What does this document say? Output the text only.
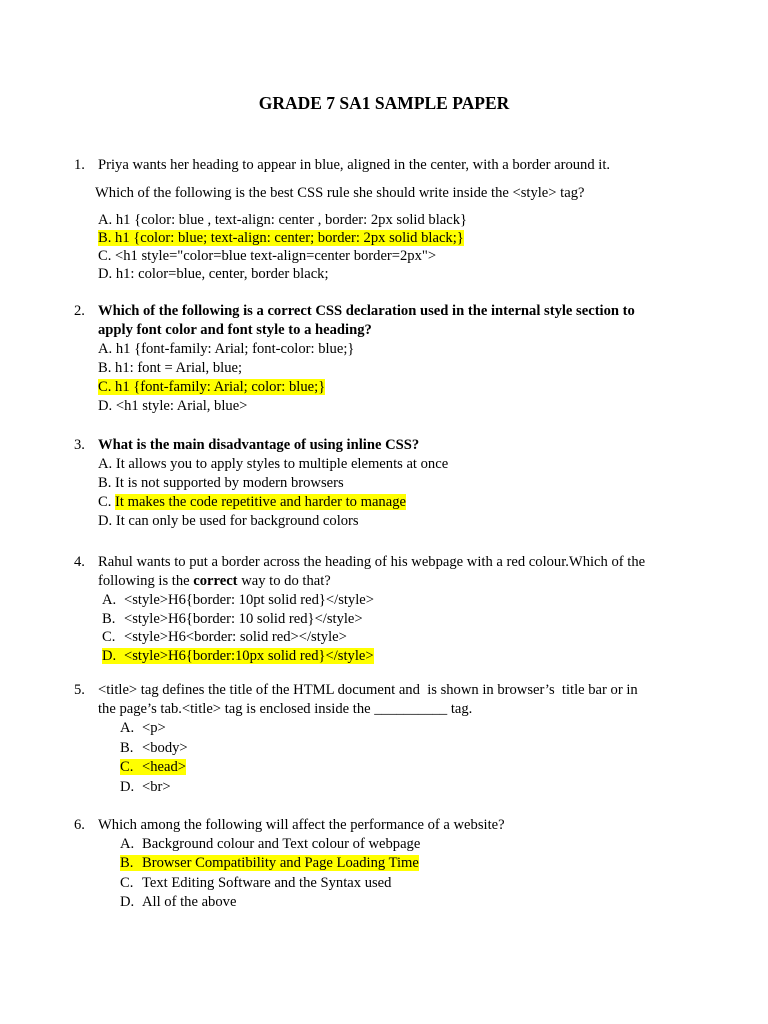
GRADE 7 SA1 SAMPLE PAPER
1. Priya wants her heading to appear in blue, aligned in the center, with a border around it.
Which of the following is the best CSS rule she should write inside the <style> tag?
A. h1 {color: blue , text-align: center , border: 2px solid black}
B. h1 {color: blue; text-align: center; border: 2px solid black;}
C. <h1 style="color=blue text-align=center border=2px">
D. h1: color=blue, center, border black;
2. Which of the following is a correct CSS declaration used in the internal style section to
apply font color and font style to a heading?
A. h1 {font-family: Arial; font-color: blue;}
B. h1: font = Arial, blue;
C. h1 {font-family: Arial; color: blue;}
D. <h1 style: Arial, blue>
3. What is the main disadvantage of using inline CSS?
A. It allows you to apply styles to multiple elements at once
B. It is not supported by modern browsers
C. It makes the code repetitive and harder to manage
D. It can only be used for background colors
4. Rahul wants to put a border across the heading of his webpage with a red colour.Which of the
following is the correct way to do that?
A. <style>H6{border: 10pt solid red}</style>
B. <style>H6{border: 10 solid red}</style>
C. <style>H6<border: solid red></style>
D. <style>H6{border:10px solid red}</style>
5. <title> tag defines the title of the HTML document and  is shown in browser’s  title bar or in
the page’s tab.<title> tag is enclosed inside the __________ tag.
A. <p>
B. <body>
C. <head>
D. <br>
6. Which among the following will affect the performance of a website?
A. Background colour and Text colour of webpage
B. Browser Compatibility and Page Loading Time
C. Text Editing Software and the Syntax used
D. All of the above
